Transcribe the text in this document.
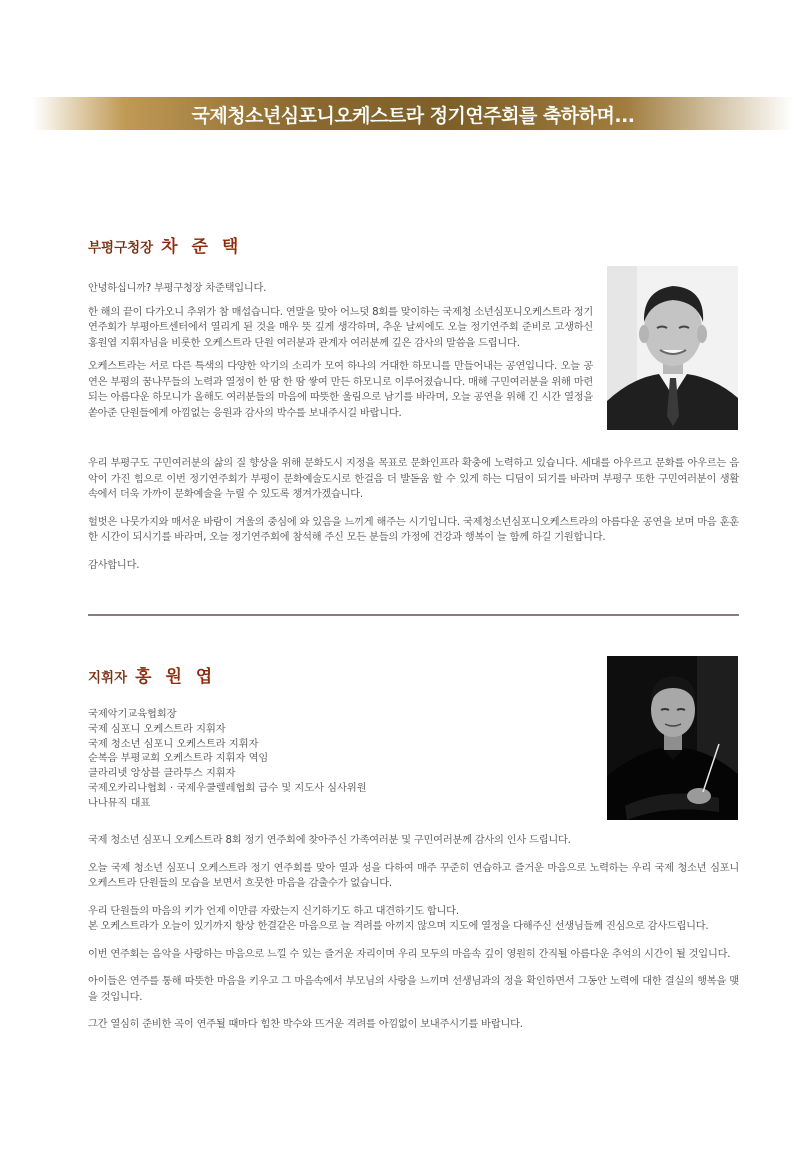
국제청소년심포니오케스트라 정기연주회를 축하하며...
부평구청장 차 준 택

안녕하십니까? 부평구청장 차준택입니다.

한 해의 끝이 다가오니 추위가 참 매섭습니다. 연말을 맞아 어느덧 8회를 맞이하는 국제청 소년심포니오케스트라 정기연주회가 부평아트센터에서 열리게 된 것을 매우 뜻 깊게 생각하며, 추운 날씨에도 오늘 정기연주회 준비로 고생하신 홍원엽 지휘자님을 비롯한 오케스트라 단원 여러분과 관계자 여러분께 깊은 감사의 말씀을 드립니다.

오케스트라는 서로 다른 특색의 다양한 악기의 소리가 모여 하나의 거대한 하모니를 만들어내는 공연입니다. 오늘 공연은 부평의 꿈나무들의 노력과 열정이 한 땀 한 땀 쌓여 만든 하모니로 이루어졌습니다. 매해 구민여러분을 위해 마련되는 아름다운 하모니가 올해도 여러분들의 마음에 따뜻한 울림으로 남기를 바라며, 오늘 공연을 위해 긴 시간 열정을 쏟아준 단원들에게 아낌없는 응원과 감사의 박수를 보내주시길 바랍니다.

우리 부평구도 구민여러분의 삶의 질 향상을 위해 문화도시 지정을 목표로 문화인프라 확충에 노력하고 있습니다. 세대를 아우르고 문화를 아우르는 음악이 가진 힘으로 이번 정기연주회가 부평이 문화예술도시로 한걸음 더 발돋움 할 수 있게 하는 디딤이 되기를 바라며 부평구 또한 구민여러분이 생활 속에서 더욱 가까이 문화예술을 누릴 수 있도록 챙겨가겠습니다.

헐벗은 나뭇가지와 매서운 바람이 겨울의 중심에 와 있음을 느끼게 해주는 시기입니다. 국제청소년심포니오케스트라의 아름다운 공연을 보며 마음 훈훈한 시간이 되시기를 바라며, 오늘 정기연주회에 참석해 주신 모든 분들의 가정에 건강과 행복이 늘 함께 하길 기원합니다.

감사합니다.

지휘자 홍 원 엽
국제악기교육협회장
국제 심포니 오케스트라 지휘자
국제 청소년 심포니 오케스트라 지휘자
순복음 부평교회 오케스트라 지휘자 역임
클라리넷 앙상블 클라투스 지휘자
국제오카리나협회 · 국제우쿨렐레협회 급수 및 지도사 심사위원
나나뮤직 대표

국제 청소년 심포니 오케스트라 8회 정기 연주회에 찾아주신 가족여러분 및 구민여러분께 감사의 인사 드립니다.

오늘 국제 청소년 심포니 오케스트라 정기 연주회를 맞아 열과 성을 다하여 매주 꾸준히 연습하고 즐거운 마음으로 노력하는 우리 국제 청소년 심포니 오케스트라 단원들의 모습을 보면서 흐뭇한 마음을 감출수가 없습니다.

우리 단원들의 마음의 키가 언제 이만큼 자랐는지 신기하기도 하고 대견하기도 합니다.
본 오케스트라가 오늘이 있기까지 항상 한결같은 마음으로 늘 격려를 아끼지 않으며 지도에 열정을 다해주신 선생님들께 진심으로 감사드립니다.

이번 연주회는 음악을 사랑하는 마음으로 느낄 수 있는 즐거운 자리이며 우리 모두의 마음속 깊이 영원히 간직될 아름다운 추억의 시간이 될 것입니다.

아이들은 연주를 통해 따뜻한 마음을 키우고 그 마음속에서 부모님의 사랑을 느끼며 선생님과의 정을 확인하면서 그동안 노력에 대한 결실의 행복을 맺을 것입니다.

그간 열심히 준비한 곡이 연주될 때마다 힘찬 박수와 뜨거운 격려를 아낌없이 보내주시기를 바랍니다.
